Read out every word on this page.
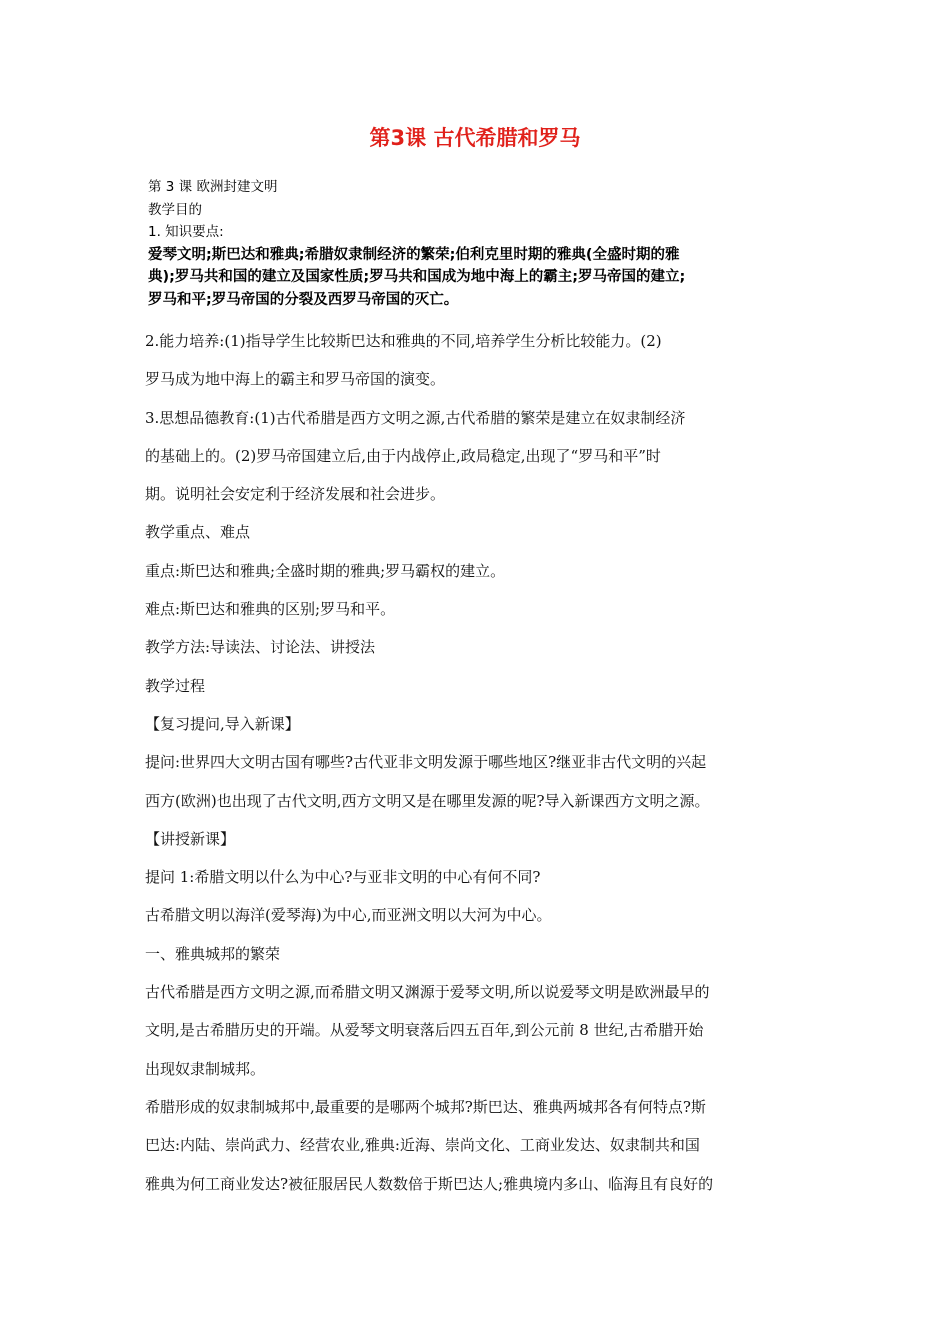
第3课 古代希腊和罗马
第 3 课 欧洲封建文明
教学目的
1. 知识要点:
爱琴文明;斯巴达和雅典;希腊奴隶制经济的繁荣;伯利克里时期的雅典(全盛时期的雅
典);罗马共和国的建立及国家性质;罗马共和国成为地中海上的霸主;罗马帝国的建立;
罗马和平;罗马帝国的分裂及西罗马帝国的灭亡。
2.能力培养:(1)指导学生比较斯巴达和雅典的不同,培养学生分析比较能力。(2)
罗马成为地中海上的霸主和罗马帝国的演变。
3.思想品德教育:(1)古代希腊是西方文明之源,古代希腊的繁荣是建立在奴隶制经济
的基础上的。(2)罗马帝国建立后,由于内战停止,政局稳定,出现了“罗马和平”时
期。说明社会安定利于经济发展和社会进步。
教学重点、难点
重点:斯巴达和雅典;全盛时期的雅典;罗马霸权的建立。
难点:斯巴达和雅典的区别;罗马和平。
教学方法:导读法、讨论法、讲授法
教学过程
【复习提问,导入新课】
提问:世界四大文明古国有哪些?古代亚非文明发源于哪些地区?继亚非古代文明的兴起
西方(欧洲)也出现了古代文明,西方文明又是在哪里发源的呢?导入新课西方文明之源。
【讲授新课】
提问 1:希腊文明以什么为中心?与亚非文明的中心有何不同?
古希腊文明以海洋(爱琴海)为中心,而亚洲文明以大河为中心。
一、雅典城邦的繁荣
古代希腊是西方文明之源,而希腊文明又渊源于爱琴文明,所以说爱琴文明是欧洲最早的
文明,是古希腊历史的开端。从爱琴文明衰落后四五百年,到公元前 8 世纪,古希腊开始
出现奴隶制城邦。
希腊形成的奴隶制城邦中,最重要的是哪两个城邦?斯巴达、雅典两城邦各有何特点?斯
巴达:内陆、崇尚武力、经营农业,雅典:近海、崇尚文化、工商业发达、奴隶制共和国
雅典为何工商业发达?被征服居民人数数倍于斯巴达人;雅典境内多山、临海且有良好的
